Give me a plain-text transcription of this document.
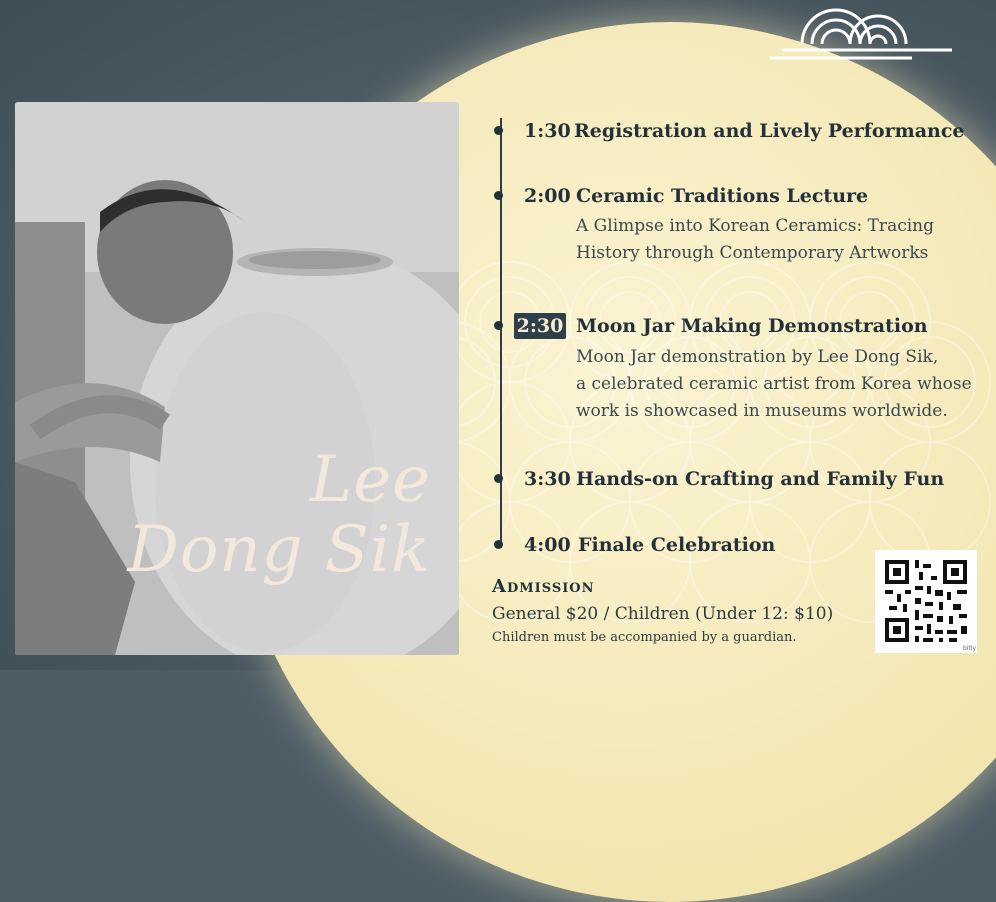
Lee
Dong Sik
1:30 Registration and Lively Performance
2:00 Ceramic Traditions Lecture
A Glimpse into Korean Ceramics: Tracing
History through Contemporary Artworks
2:30 Moon Jar Making Demonstration
Moon Jar demonstration by Lee Dong Sik,
a celebrated ceramic artist from Korea whose
work is showcased in museums worldwide.
3:30 Hands-on Crafting and Family Fun
4:00 Finale Celebration
Admission
General $20 / Children (Under 12: $10)
Children must be accompanied by a guardian.
bitly
